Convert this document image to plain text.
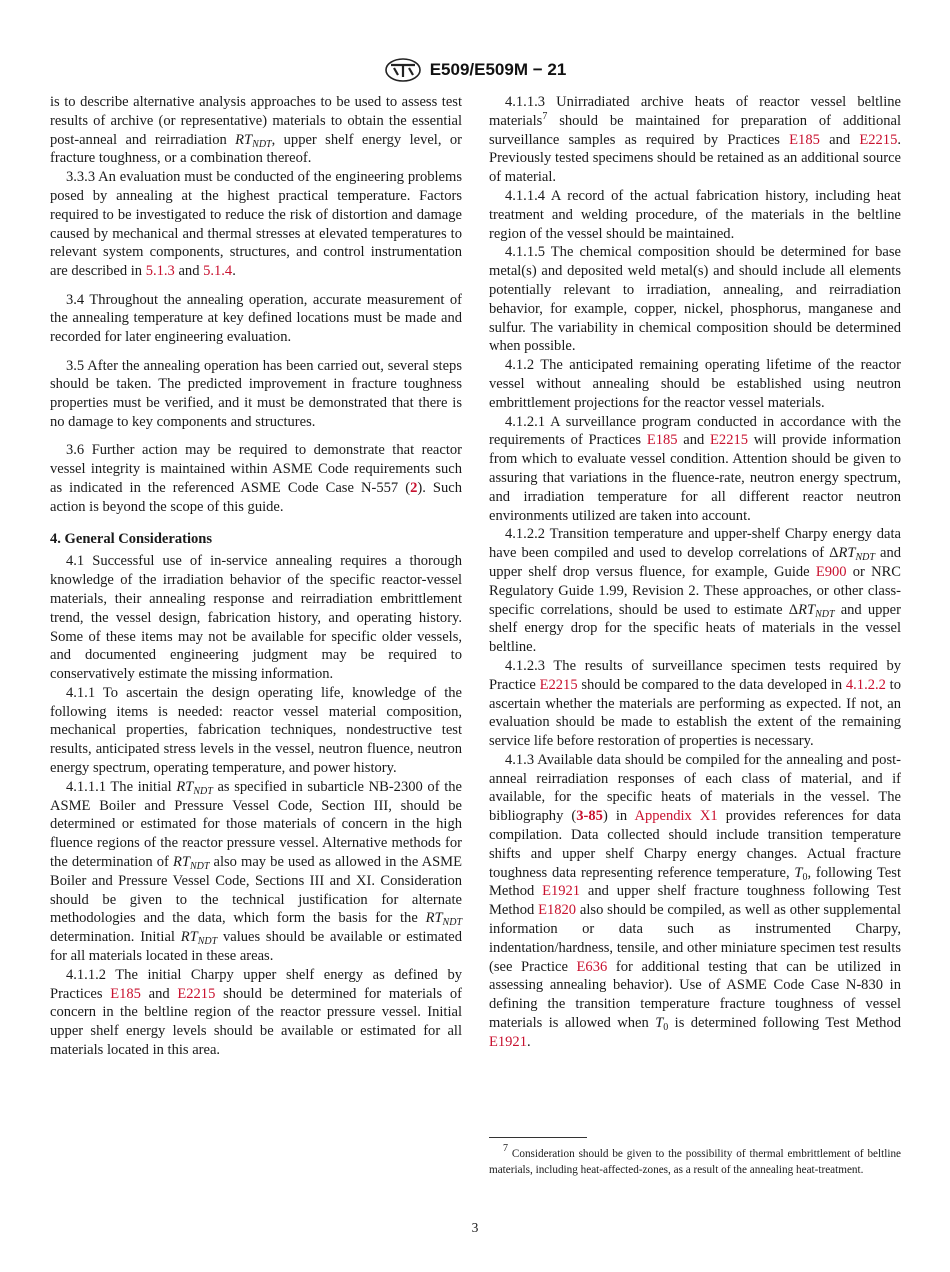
E509/E509M − 21

is to describe alternative analysis approaches to be used to assess test results of archive (or representative) materials to obtain the essential post-anneal and reirradiation $RT_{NDT}$, upper shelf energy level, or fracture toughness, or a combination thereof.

3.3.3 An evaluation must be conducted of the engineering problems posed by annealing at the highest practical temperature. Factors required to be investigated to reduce the risk of distortion and damage caused by mechanical and thermal stresses at elevated temperatures to relevant system components, structures, and control instrumentation are described in 5.1.3 and 5.1.4.

3.4 Throughout the annealing operation, accurate measurement of the annealing temperature at key defined locations must be made and recorded for later engineering evaluation.

3.5 After the annealing operation has been carried out, several steps should be taken. The predicted improvement in fracture toughness properties must be verified, and it must be demonstrated that there is no damage to key components and structures.

3.6 Further action may be required to demonstrate that reactor vessel integrity is maintained within ASME Code requirements such as indicated in the referenced ASME Code Case N-557 (2). Such action is beyond the scope of this guide.

4. General Considerations

4.1 Successful use of in-service annealing requires a thorough knowledge of the irradiation behavior of the specific reactor-vessel materials, their annealing response and reirradiation embrittlement trend, the vessel design, fabrication history, and operating history. Some of these items may not be available for specific older vessels, and documented engineering judgment may be required to conservatively estimate the missing information.

4.1.1 To ascertain the design operating life, knowledge of the following items is needed: reactor vessel material composition, mechanical properties, fabrication techniques, nondestructive test results, anticipated stress levels in the vessel, neutron fluence, neutron energy spectrum, operating temperature, and power history.

4.1.1.1 The initial $RT_{NDT}$ as specified in subarticle NB-2300 of the ASME Boiler and Pressure Vessel Code, Section III, should be determined or estimated for those materials of concern in the high fluence regions of the reactor pressure vessel. Alternative methods for the determination of $RT_{NDT}$ also may be used as allowed in the ASME Boiler and Pressure Vessel Code, Sections III and XI. Consideration should be given to the technical justification for alternate methodologies and the data, which form the basis for the $RT_{NDT}$ determination. Initial $RT_{NDT}$ values should be available or estimated for all materials located in these areas.

4.1.1.2 The initial Charpy upper shelf energy as defined by Practices E185 and E2215 should be determined for materials of concern in the beltline region of the reactor pressure vessel. Initial upper shelf energy levels should be available or estimated for all materials located in this area.

4.1.1.3 Unirradiated archive heats of reactor vessel beltline materials$^7$ should be maintained for preparation of additional surveillance samples as required by Practices E185 and E2215. Previously tested specimens should be retained as an additional source of material.

4.1.1.4 A record of the actual fabrication history, including heat treatment and welding procedure, of the materials in the beltline region of the vessel should be maintained.

4.1.1.5 The chemical composition should be determined for base metal(s) and deposited weld metal(s) and should include all elements potentially relevant to irradiation, annealing, and reirradiation behavior, for example, copper, nickel, phosphorus, manganese and sulfur. The variability in chemical composition should be determined when possible.

4.1.2 The anticipated remaining operating lifetime of the reactor vessel without annealing should be established using neutron embrittlement projections for the reactor vessel materials.

4.1.2.1 A surveillance program conducted in accordance with the requirements of Practices E185 and E2215 will provide information from which to evaluate vessel condition. Attention should be given to assuring that variations in the fluence-rate, neutron energy spectrum, and irradiation temperature for all different reactor neutron environments utilized are taken into account.

4.1.2.2 Transition temperature and upper-shelf Charpy energy data have been compiled and used to develop correlations of $\Delta RT_{NDT}$ and upper shelf drop versus fluence, for example, Guide E900 or NRC Regulatory Guide 1.99, Revision 2. These approaches, or other class-specific correlations, should be used to estimate $\Delta RT_{NDT}$ and upper shelf energy drop for the specific heats of materials in the vessel beltline.

4.1.2.3 The results of surveillance specimen tests required by Practice E2215 should be compared to the data developed in 4.1.2.2 to ascertain whether the materials are performing as expected. If not, an evaluation should be made to establish the extent of the remaining service life before restoration of properties is necessary.

4.1.3 Available data should be compiled for the annealing and post-anneal reirradiation responses of each class of material, and if available, for the specific heats of materials in the vessel. The bibliography (3-85) in Appendix X1 provides references for data compilation. Data collected should include transition temperature shifts and upper shelf Charpy energy changes. Actual fracture toughness data representing reference temperature, $T_0$, following Test Method E1921 and upper shelf fracture toughness following Test Method E1820 also should be compiled, as well as other supplemental information or data such as instrumented Charpy, indentation/hardness, tensile, and other miniature specimen test results (see Practice E636 for additional testing that can be utilized in assessing annealing behavior). Use of ASME Code Case N-830 in defining the transition temperature fracture toughness of vessel materials is allowed when $T_0$ is determined following Test Method E1921.

$^7$ Consideration should be given to the possibility of thermal embrittlement of beltline materials, including heat-affected-zones, as a result of the annealing heat-treatment.
3
